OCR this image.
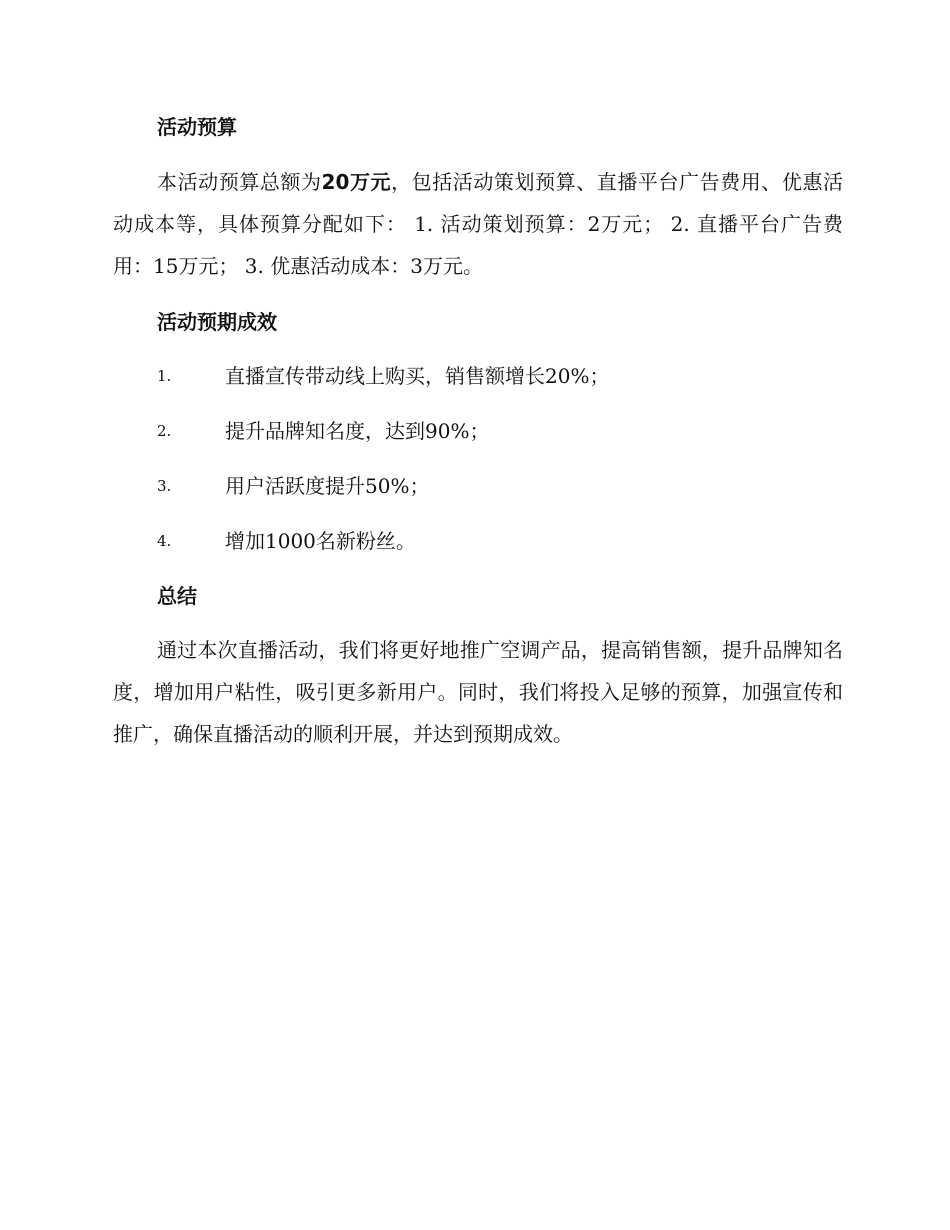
活动预算

本活动预算总额为20万元，包括活动策划预算、直播平台广告费用、优惠活动成本等，具体预算分配如下： 1. 活动策划预算：2万元； 2. 直播平台广告费用：15万元； 3. 优惠活动成本：3万元。

活动预期成效
1.	直播宣传带动线上购买，销售额增长20%；
2.	提升品牌知名度，达到90%；
3.	用户活跃度提升50%；
4.	增加1000名新粉丝。
总结

通过本次直播活动，我们将更好地推广空调产品，提高销售额，提升品牌知名度，增加用户粘性，吸引更多新用户。同时，我们将投入足够的预算，加强宣传和推广，确保直播活动的顺利开展，并达到预期成效。
